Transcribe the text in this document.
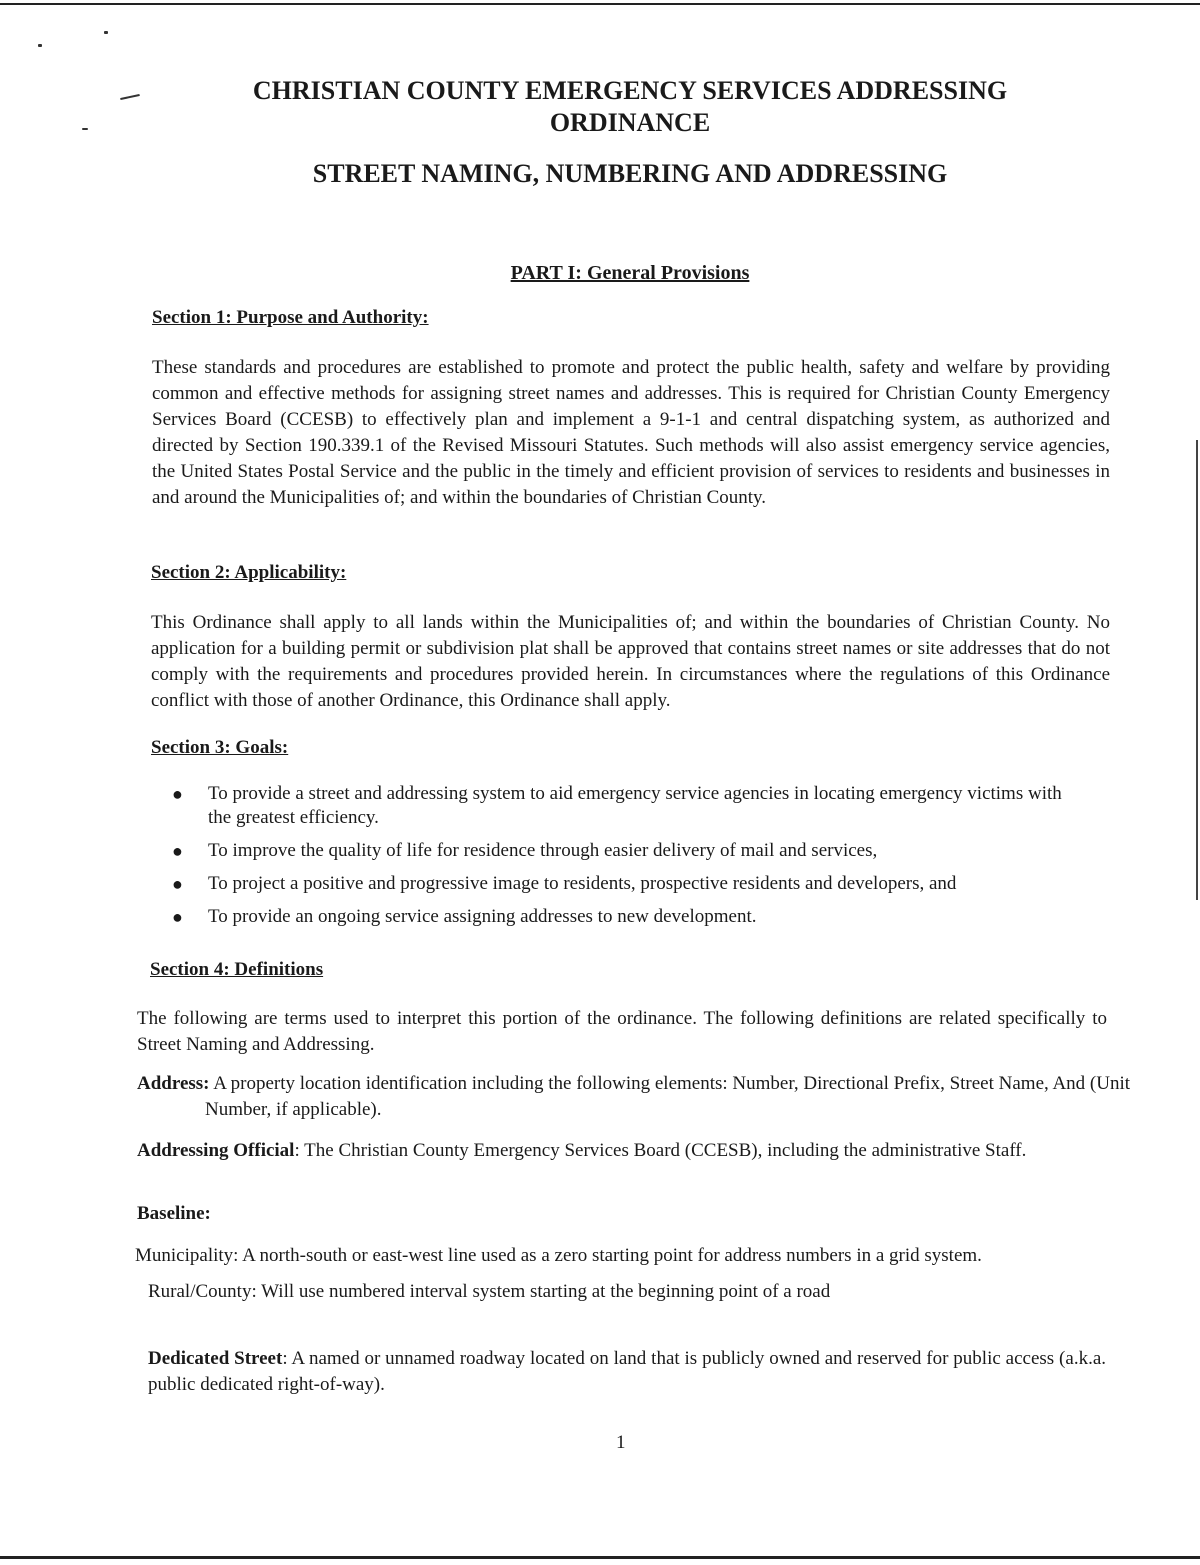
CHRISTIAN COUNTY EMERGENCY SERVICES ADDRESSING
ORDINANCE
STREET NAMING, NUMBERING AND ADDRESSING
PART I: General Provisions
Section 1: Purpose and Authority:
These standards and procedures are established to promote and protect the public health, safety and welfare by providing common and effective methods for assigning street names and addresses. This is required for Christian County Emergency Services Board (CCESB) to effectively plan and implement a 9-1-1 and central dispatching system, as authorized and directed by Section 190.339.1 of the Revised Missouri Statutes. Such methods will also assist emergency service agencies, the United States Postal Service and the public in the timely and efficient provision of services to residents and businesses in and around the Municipalities of; and within the boundaries of Christian County.
Section 2: Applicability:
This Ordinance shall apply to all lands within the Municipalities of; and within the boundaries of Christian County. No application for a building permit or subdivision plat shall be approved that contains street names or site addresses that do not comply with the requirements and procedures provided herein. In circumstances where the regulations of this Ordinance conflict with those of another Ordinance, this Ordinance shall apply.
Section 3: Goals:
● To provide a street and addressing system to aid emergency service agencies in locating emergency victims with the greatest efficiency.
● To improve the quality of life for residence through easier delivery of mail and services,
● To project a positive and progressive image to residents, prospective residents and developers, and
● To provide an ongoing service assigning addresses to new development.
Section 4: Definitions
The following are terms used to interpret this portion of the ordinance. The following definitions are related specifically to Street Naming and Addressing.
Address: A property location identification including the following elements: Number, Directional Prefix, Street Name, And (Unit Number, if applicable).
Addressing Official: The Christian County Emergency Services Board (CCESB), including the administrative Staff.
Baseline:
Municipality: A north-south or east-west line used as a zero starting point for address numbers in a grid system.
Rural/County: Will use numbered interval system starting at the beginning point of a road
Dedicated Street: A named or unnamed roadway located on land that is publicly owned and reserved for public access (a.k.a. public dedicated right-of-way).
1
